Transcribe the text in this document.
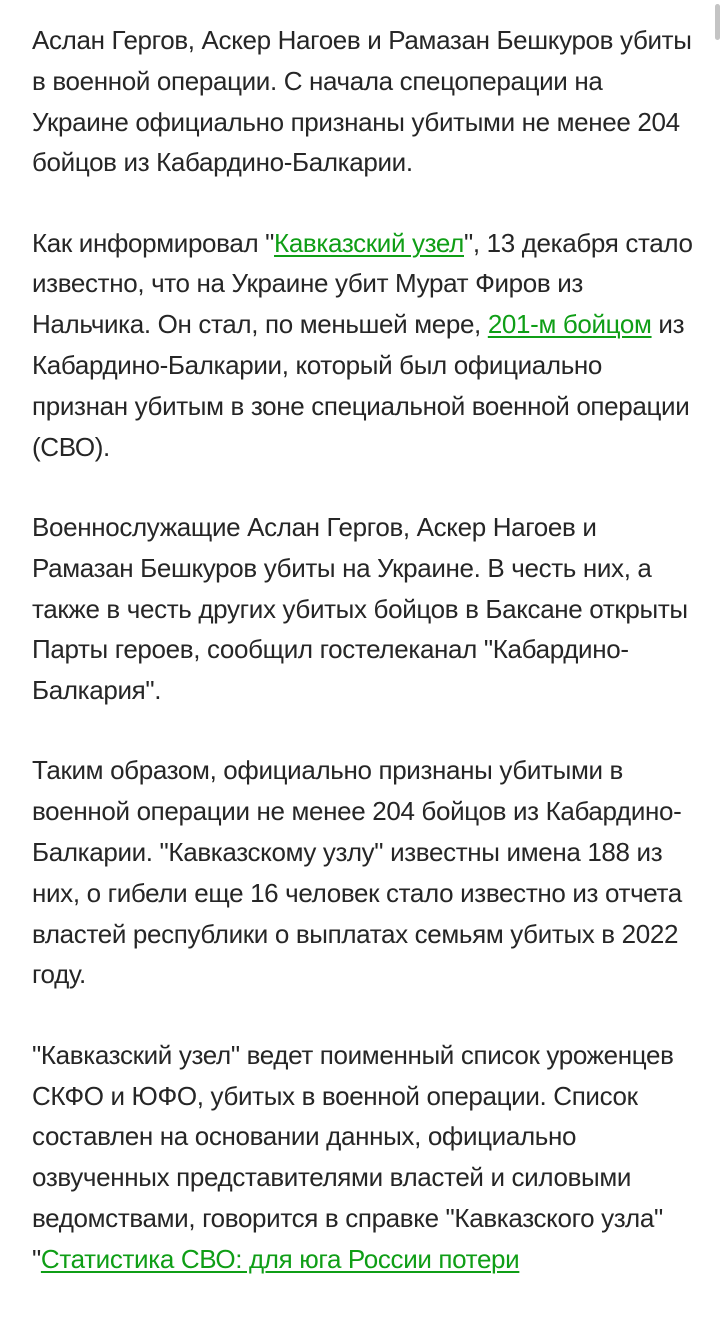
Аслан Гергов, Аскер Нагоев и Рамазан Бешкуров убиты в военной операции. С начала спецоперации на Украине официально признаны убитыми не менее 204 бойцов из Кабардино-Балкарии.

Как информировал "Кавказский узел", 13 декабря стало известно, что на Украине убит Мурат Фиров из Нальчика. Он стал, по меньшей мере, 201-м бойцом из Кабардино-Балкарии, который был официально признан убитым в зоне специальной военной операции (СВО).

Военнослужащие Аслан Гергов, Аскер Нагоев и Рамазан Бешкуров убиты на Украине. В честь них, а также в честь других убитых бойцов в Баксане открыты Парты героев, сообщил гостелеканал "Кабардино-Балкария".

Таким образом, официально признаны убитыми в военной операции не менее 204 бойцов из Кабардино-Балкарии. "Кавказскому узлу" известны имена 188 из них, о гибели еще 16 человек стало известно из отчета властей республики о выплатах семьям убитых в 2022 году.

"Кавказский узел" ведет поименный список уроженцев СКФО и ЮФО, убитых в военной операции. Список составлен на основании данных, официально озвученных представителями властей и силовыми ведомствами, говорится в справке "Кавказского узла" "Статистика СВО: для юга России потери
